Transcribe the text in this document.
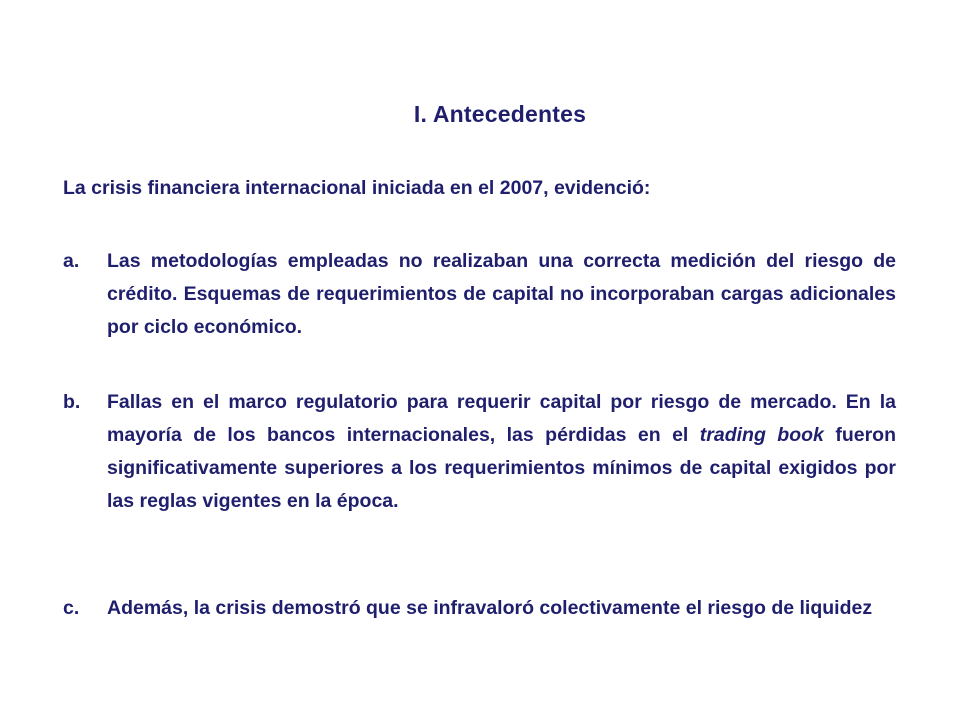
I. Antecedentes

La crisis financiera internacional iniciada en el 2007, evidenció:

a.	Las metodologías empleadas no realizaban una correcta medición del riesgo de crédito. Esquemas de requerimientos de capital no incorporaban cargas adicionales por ciclo económico.
b.	Fallas en el marco regulatorio para requerir capital por riesgo de mercado. En la mayoría de los bancos internacionales, las pérdidas en el trading book fueron significativamente superiores a los requerimientos mínimos de capital exigidos por las reglas vigentes en la época.
c.	Además, la crisis demostró que se infravaloró colectivamente el riesgo de liquidez
